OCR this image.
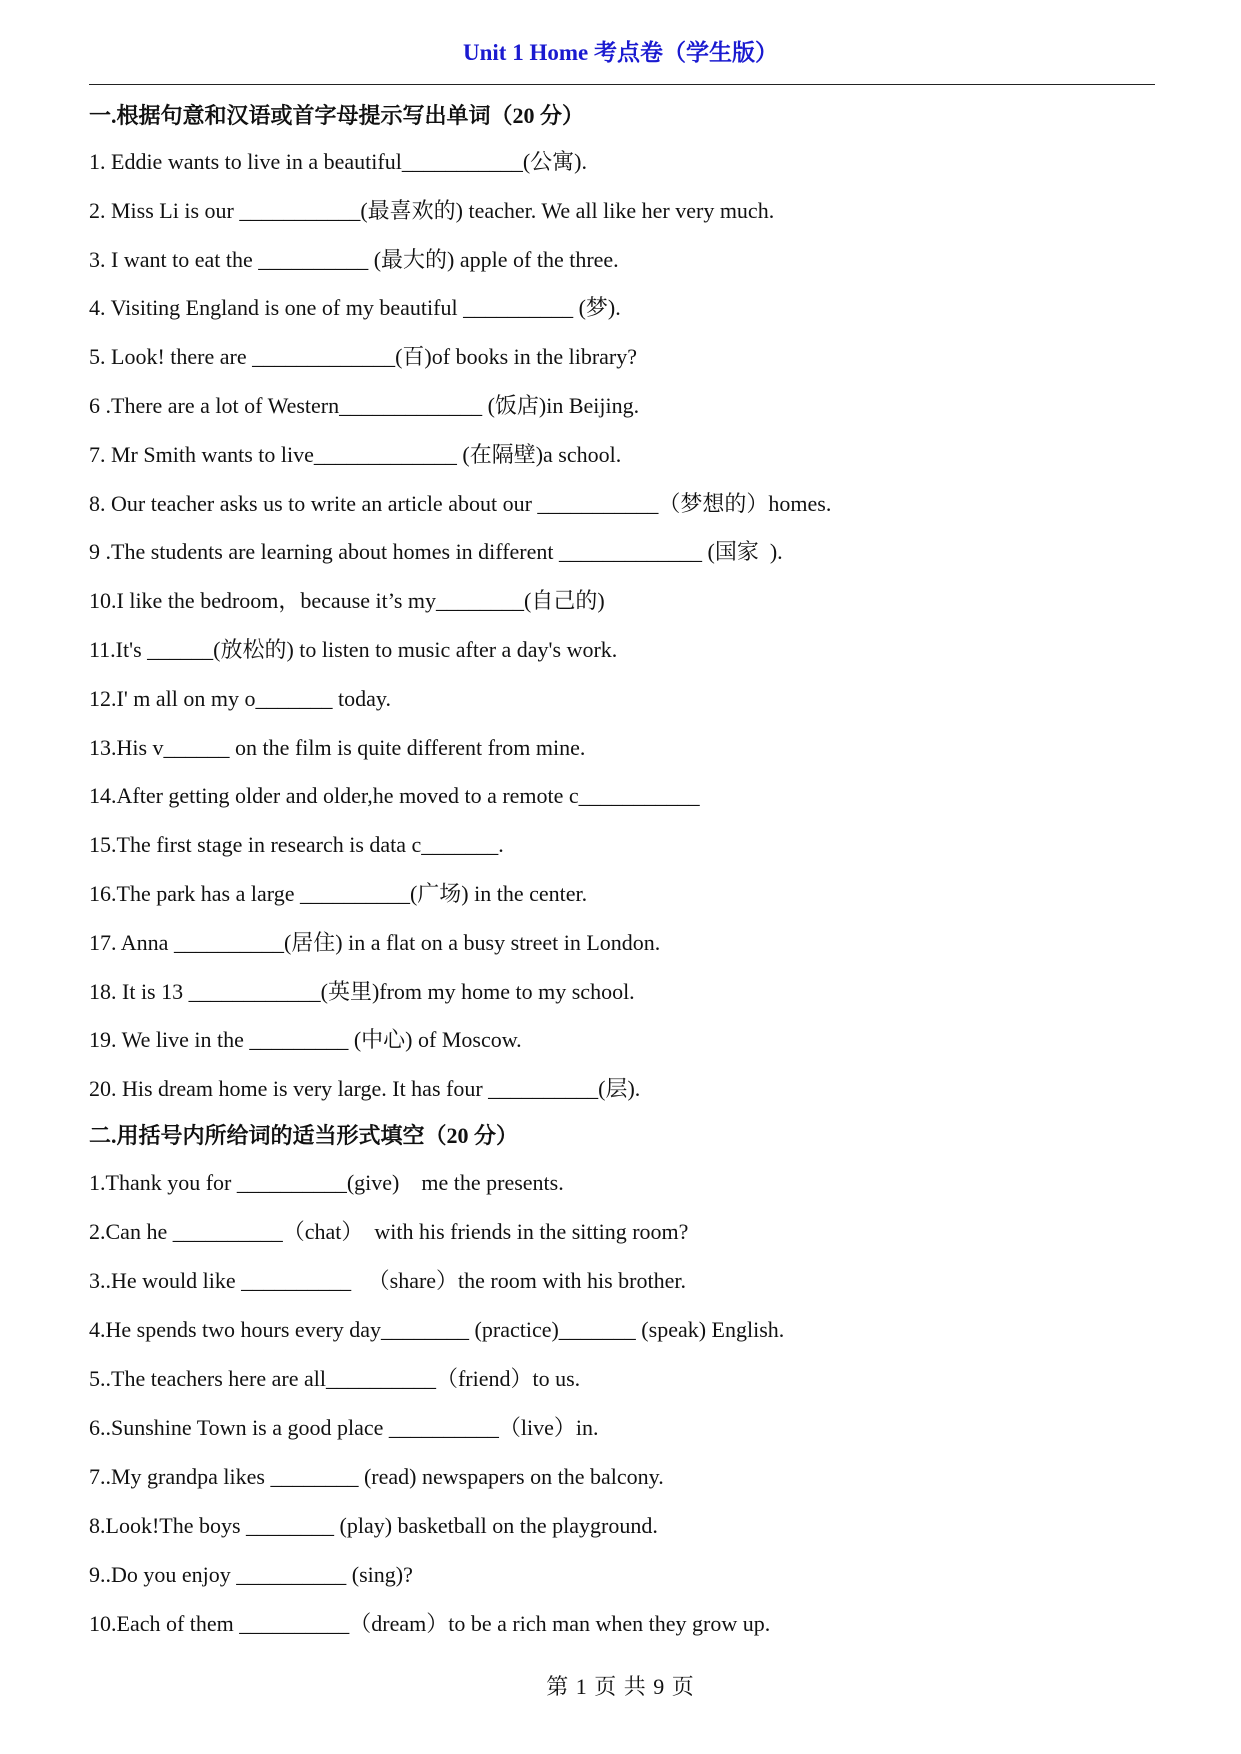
Unit 1 Home 考点卷（学生版）
一.根据句意和汉语或首字母提示写出单词（20 分）
1. Eddie wants to live in a beautiful___________(公寓).
2. Miss Li is our ___________(最喜欢的) teacher. We all like her very much.
3. I want to eat the __________ (最大的) apple of the three.
4. Visiting England is one of my beautiful __________ (梦).
5. Look! there are _____________(百)of books in the library?
6 .There are a lot of Western_____________ (饭店)in Beijing.
7. Mr Smith wants to live_____________ (在隔壁)a school.
8. Our teacher asks us to write an article about our ___________（梦想的）homes.
9 .The students are learning about homes in different _____________ (国家  ).
10.I like the bedroom，because it’s my________(自己的)
11.It's ______(放松的) to listen to music after a day's work.
12.I' m all on my o_______ today.
13.His v______ on the film is quite different from mine.
14.After getting older and older,he moved to a remote c___________
15.The first stage in research is data c_______.
16.The park has a large __________(广场) in the center.
17. Anna __________(居住) in a flat on a busy street in London.
18. It is 13 ____________(英里)from my home to my school.
19. We live in the _________ (中心) of Moscow.
20. His dream home is very large. It has four __________(层).
二.用括号内所给词的适当形式填空（20 分）
1.Thank you for __________(give)    me the presents.
2.Can he __________（chat）  with his friends in the sitting room?
3..He would like __________   （share）the room with his brother.
4.He spends two hours every day________ (practice)_______ (speak) English.
5..The teachers here are all__________（friend）to us.
6..Sunshine Town is a good place __________（live）in.
7..My grandpa likes ________ (read) newspapers on the balcony.
8.Look!The boys ________ (play) basketball on the playground.
9..Do you enjoy __________ (sing)?
10.Each of them __________（dream）to be a rich man when they grow up.
第 1 页 共 9 页
